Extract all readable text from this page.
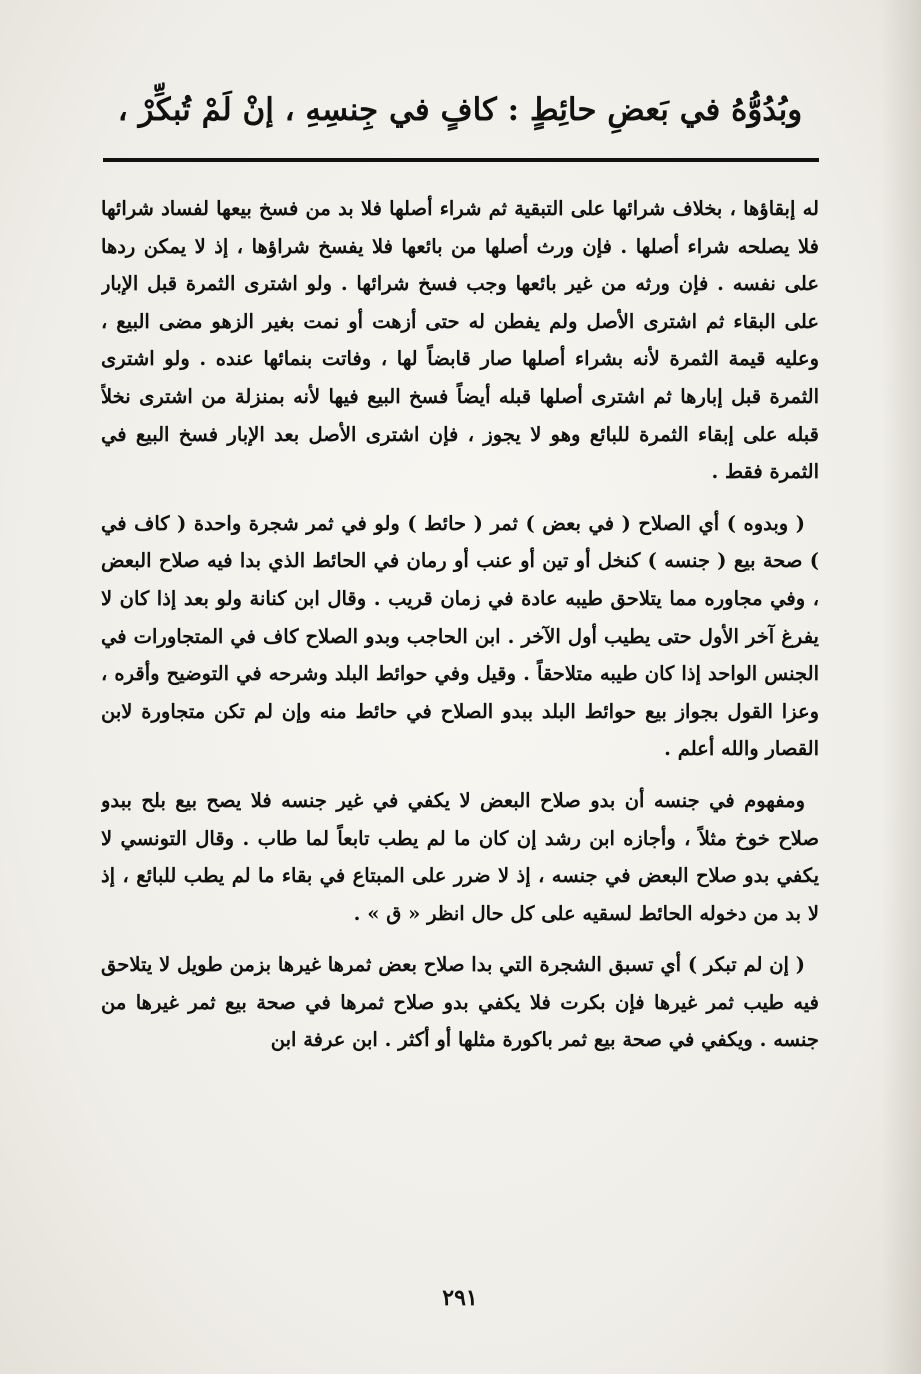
وبُدُوُّهُ في بَعضِ حائِطٍ : كافٍ في جِنسِهِ ، إنْ لَمْ تُبكِّرْ ،

له إبقاؤها ، بخلاف شرائها على التبقية ثم شراء أصلها فلا بد من فسخ بيعها لفساد شرائها فلا يصلحه شراء أصلها . فإن ورث أصلها من بائعها فلا يفسخ شراؤها ، إذ لا يمكن ردها على نفسه . فإن ورثه من غير بائعها وجب فسخ شرائها . ولو اشترى الثمرة قبل الإبار على البقاء ثم اشترى الأصل ولم يفطن له حتى أزهت أو نمت بغير الزهو مضى البيع ، وعليه قيمة الثمرة لأنه بشراء أصلها صار قابضاً لها ، وفاتت بنمائها عنده . ولو اشترى الثمرة قبل إبارها ثم اشترى أصلها قبله أيضاً فسخ البيع فيها لأنه بمنزلة من اشترى نخلاً قبله على إبقاء الثمرة للبائع وهو لا يجوز ، فإن اشترى الأصل بعد الإبار فسخ البيع في الثمرة فقط .

( وبدوه ) أي الصلاح ( في بعض ) ثمر ( حائط ) ولو في ثمر شجرة واحدة ( كاف في ) صحة بيع ( جنسه ) كنخل أو تين أو عنب أو رمان في الحائط الذي بدا فيه صلاح البعض ، وفي مجاوره مما يتلاحق طيبه عادة في زمان قريب . وقال ابن كنانة ولو بعد إذا كان لا يفرغ آخر الأول حتى يطيب أول الآخر . ابن الحاجب وبدو الصلاح كاف في المتجاورات في الجنس الواحد إذا كان طيبه متلاحقاً . وقيل وفي حوائط البلد وشرحه في التوضيح وأقره ، وعزا القول بجواز بيع حوائط البلد ببدو الصلاح في حائط منه وإن لم تكن متجاورة لابن القصار والله أعلم .

ومفهوم في جنسه أن بدو صلاح البعض لا يكفي في غير جنسه فلا يصح بيع بلح ببدو صلاح خوخ مثلاً ، وأجازه ابن رشد إن كان ما لم يطب تابعاً لما طاب . وقال التونسي لا يكفي بدو صلاح البعض في جنسه ، إذ لا ضرر على المبتاع في بقاء ما لم يطب للبائع ، إذ لا بد من دخوله الحائط لسقيه على كل حال انظر « ق » .

( إن لم تبكر ) أي تسبق الشجرة التي بدا صلاح بعض ثمرها غيرها بزمن طويل لا يتلاحق فيه طيب ثمر غيرها فإن بكرت فلا يكفي بدو صلاح ثمرها في صحة بيع ثمر غيرها من جنسه . ويكفي في صحة بيع ثمر باكورة مثلها أو أكثر . ابن عرفة ابن

٢٩١
